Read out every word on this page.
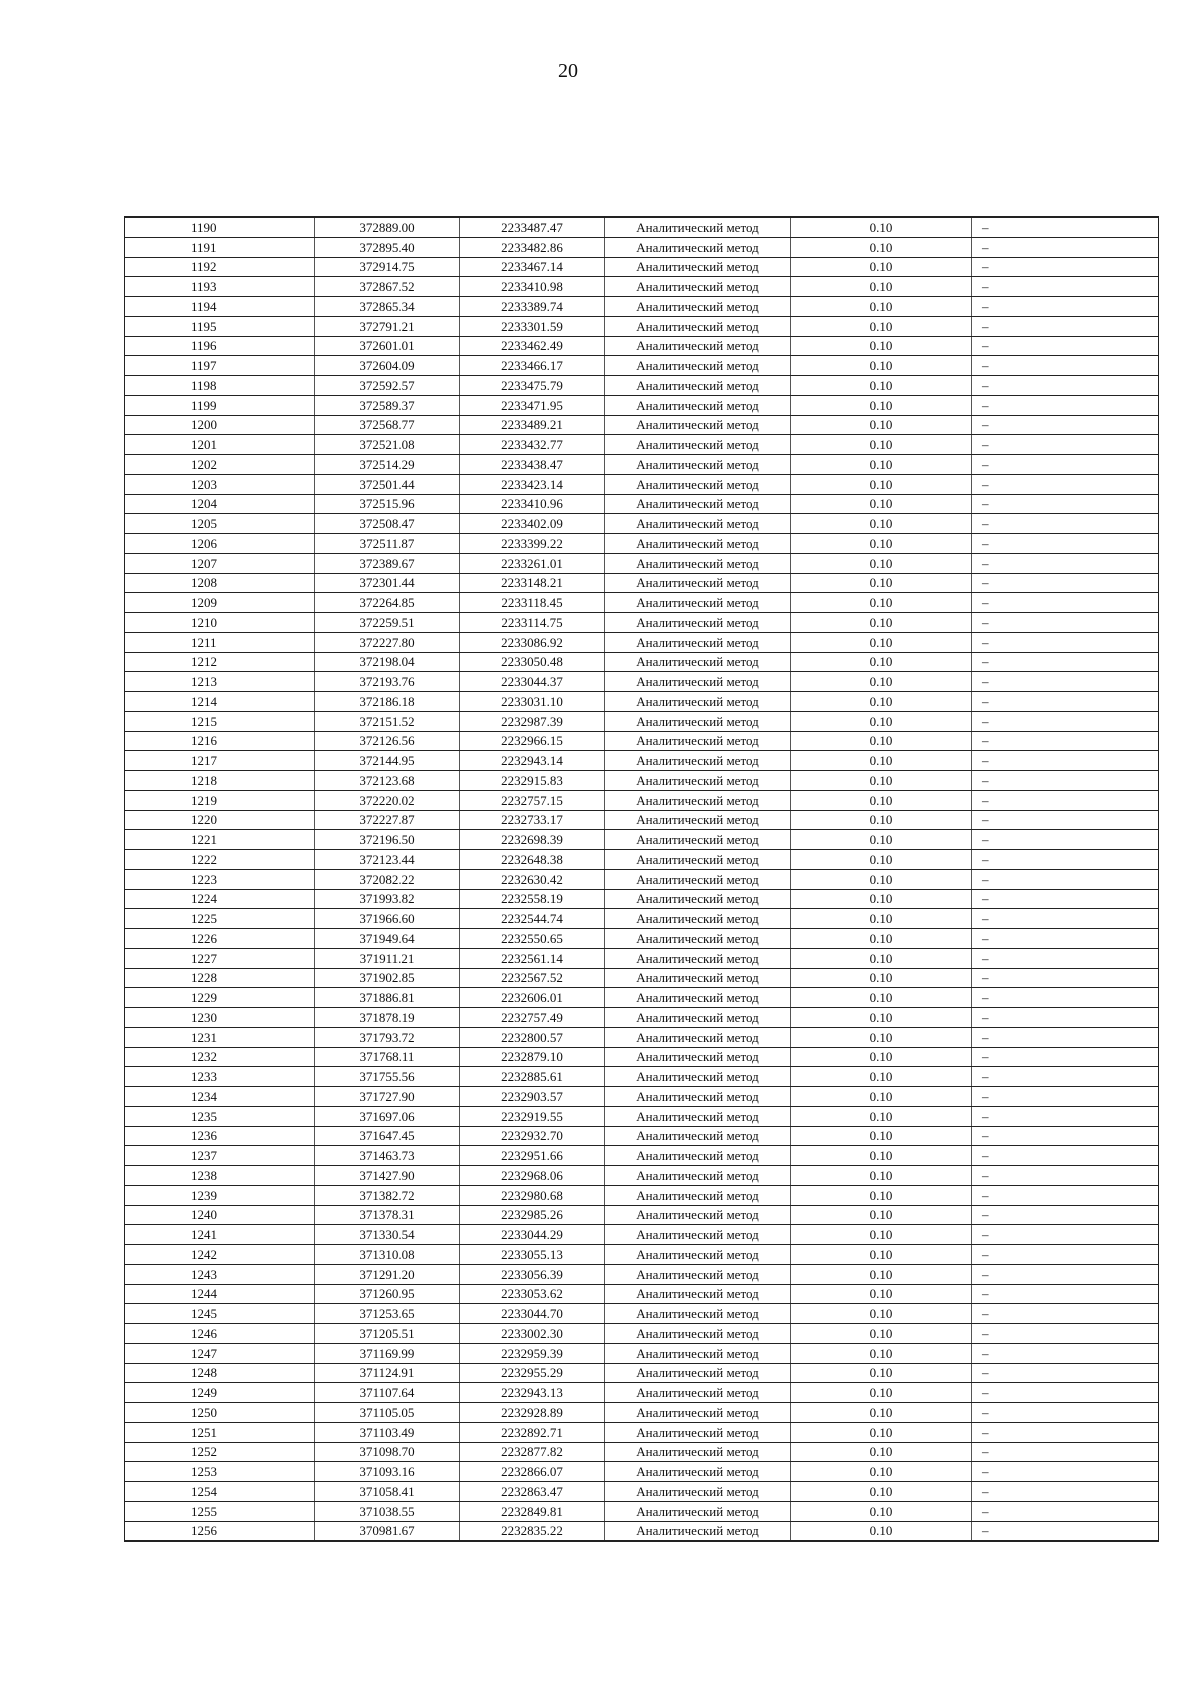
20
1190	372889.00	2233487.47	Аналитический метод	0.10	–
1191	372895.40	2233482.86	Аналитический метод	0.10	–
1192	372914.75	2233467.14	Аналитический метод	0.10	–
1193	372867.52	2233410.98	Аналитический метод	0.10	–
1194	372865.34	2233389.74	Аналитический метод	0.10	–
1195	372791.21	2233301.59	Аналитический метод	0.10	–
1196	372601.01	2233462.49	Аналитический метод	0.10	–
1197	372604.09	2233466.17	Аналитический метод	0.10	–
1198	372592.57	2233475.79	Аналитический метод	0.10	–
1199	372589.37	2233471.95	Аналитический метод	0.10	–
1200	372568.77	2233489.21	Аналитический метод	0.10	–
1201	372521.08	2233432.77	Аналитический метод	0.10	–
1202	372514.29	2233438.47	Аналитический метод	0.10	–
1203	372501.44	2233423.14	Аналитический метод	0.10	–
1204	372515.96	2233410.96	Аналитический метод	0.10	–
1205	372508.47	2233402.09	Аналитический метод	0.10	–
1206	372511.87	2233399.22	Аналитический метод	0.10	–
1207	372389.67	2233261.01	Аналитический метод	0.10	–
1208	372301.44	2233148.21	Аналитический метод	0.10	–
1209	372264.85	2233118.45	Аналитический метод	0.10	–
1210	372259.51	2233114.75	Аналитический метод	0.10	–
1211	372227.80	2233086.92	Аналитический метод	0.10	–
1212	372198.04	2233050.48	Аналитический метод	0.10	–
1213	372193.76	2233044.37	Аналитический метод	0.10	–
1214	372186.18	2233031.10	Аналитический метод	0.10	–
1215	372151.52	2232987.39	Аналитический метод	0.10	–
1216	372126.56	2232966.15	Аналитический метод	0.10	–
1217	372144.95	2232943.14	Аналитический метод	0.10	–
1218	372123.68	2232915.83	Аналитический метод	0.10	–
1219	372220.02	2232757.15	Аналитический метод	0.10	–
1220	372227.87	2232733.17	Аналитический метод	0.10	–
1221	372196.50	2232698.39	Аналитический метод	0.10	–
1222	372123.44	2232648.38	Аналитический метод	0.10	–
1223	372082.22	2232630.42	Аналитический метод	0.10	–
1224	371993.82	2232558.19	Аналитический метод	0.10	–
1225	371966.60	2232544.74	Аналитический метод	0.10	–
1226	371949.64	2232550.65	Аналитический метод	0.10	–
1227	371911.21	2232561.14	Аналитический метод	0.10	–
1228	371902.85	2232567.52	Аналитический метод	0.10	–
1229	371886.81	2232606.01	Аналитический метод	0.10	–
1230	371878.19	2232757.49	Аналитический метод	0.10	–
1231	371793.72	2232800.57	Аналитический метод	0.10	–
1232	371768.11	2232879.10	Аналитический метод	0.10	–
1233	371755.56	2232885.61	Аналитический метод	0.10	–
1234	371727.90	2232903.57	Аналитический метод	0.10	–
1235	371697.06	2232919.55	Аналитический метод	0.10	–
1236	371647.45	2232932.70	Аналитический метод	0.10	–
1237	371463.73	2232951.66	Аналитический метод	0.10	–
1238	371427.90	2232968.06	Аналитический метод	0.10	–
1239	371382.72	2232980.68	Аналитический метод	0.10	–
1240	371378.31	2232985.26	Аналитический метод	0.10	–
1241	371330.54	2233044.29	Аналитический метод	0.10	–
1242	371310.08	2233055.13	Аналитический метод	0.10	–
1243	371291.20	2233056.39	Аналитический метод	0.10	–
1244	371260.95	2233053.62	Аналитический метод	0.10	–
1245	371253.65	2233044.70	Аналитический метод	0.10	–
1246	371205.51	2233002.30	Аналитический метод	0.10	–
1247	371169.99	2232959.39	Аналитический метод	0.10	–
1248	371124.91	2232955.29	Аналитический метод	0.10	–
1249	371107.64	2232943.13	Аналитический метод	0.10	–
1250	371105.05	2232928.89	Аналитический метод	0.10	–
1251	371103.49	2232892.71	Аналитический метод	0.10	–
1252	371098.70	2232877.82	Аналитический метод	0.10	–
1253	371093.16	2232866.07	Аналитический метод	0.10	–
1254	371058.41	2232863.47	Аналитический метод	0.10	–
1255	371038.55	2232849.81	Аналитический метод	0.10	–
1256	370981.67	2232835.22	Аналитический метод	0.10	–
